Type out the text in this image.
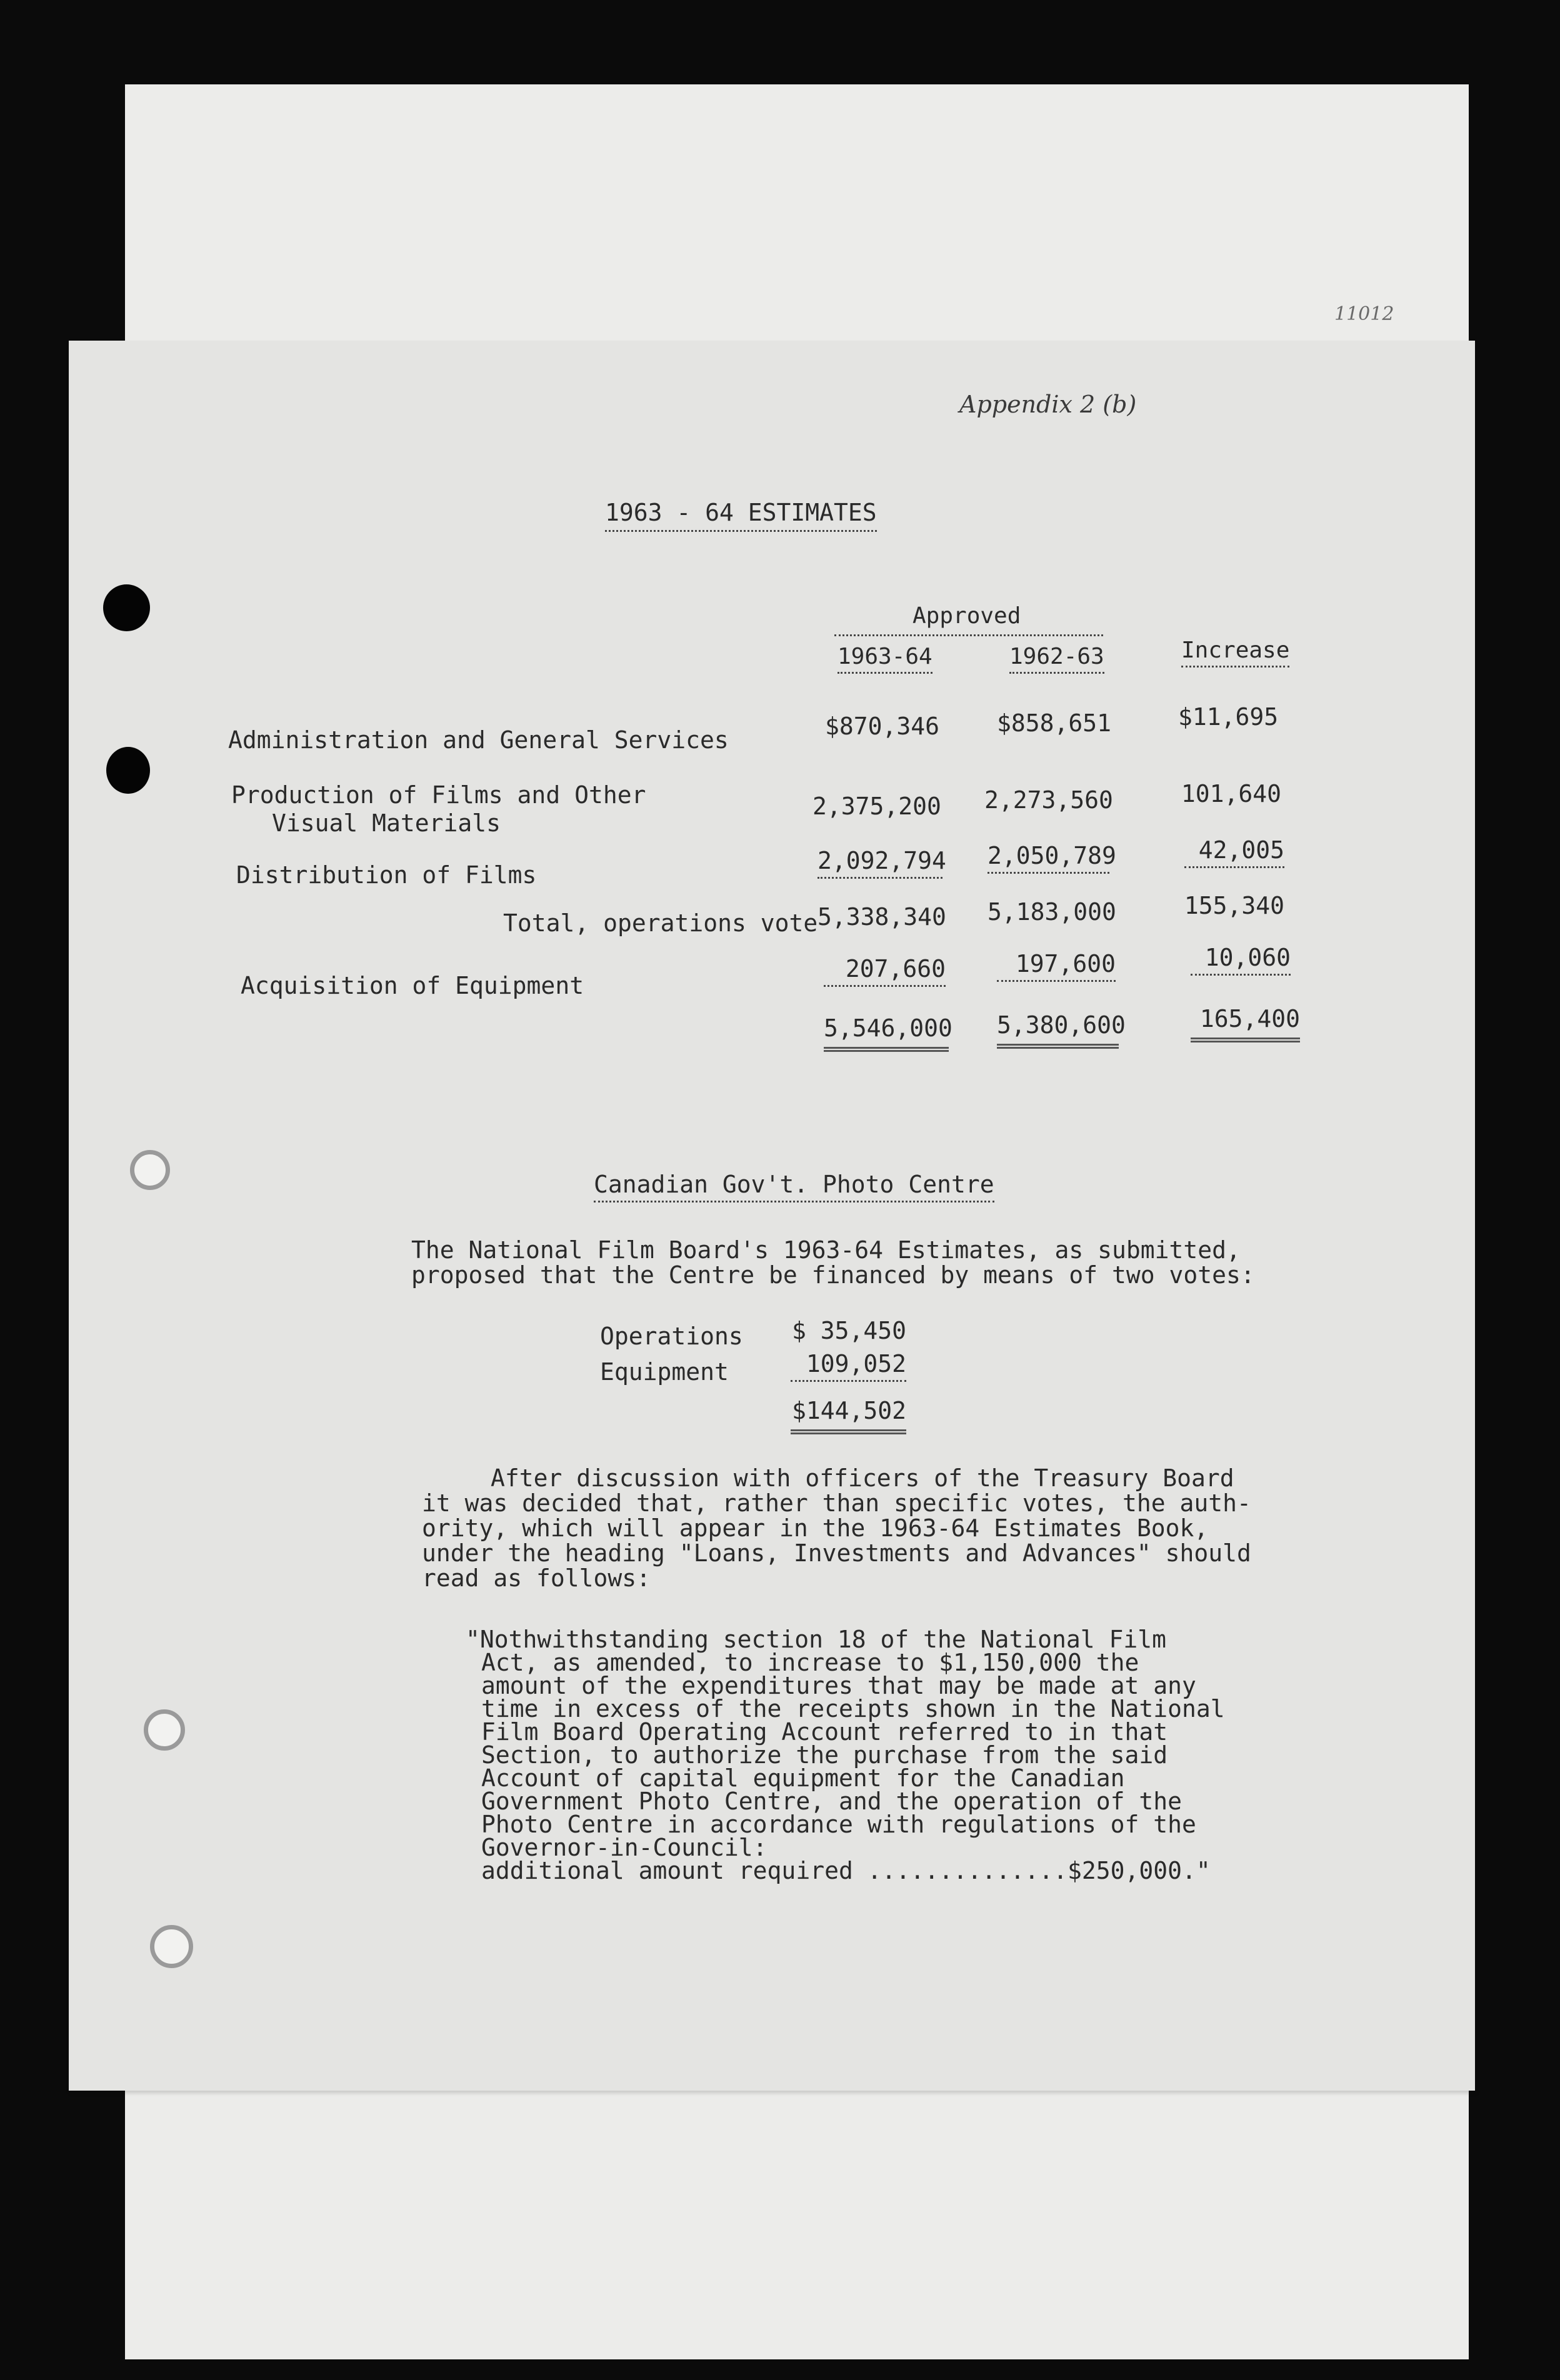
11012
Appendix 2 (b)
1963 - 64 ESTIMATES
Approved
1963-64	1962-63	Increase
Administration and General Services	$870,346 $858,651	$11,695
Production of Films and Other
Visual Materials
2,375,200 2,273,560	101,640
Distribution of Films
2,092,794 2,050,789	42,005
Total, operations vote 5,338,340 5,183,000	155,340
Acquisition of Equipment
207,660	197,600	10,060
5,546,000 5,380,600	165,400
Canadian Gov't. Photo Centre
The National Film Board's 1963-64 Estimates, as submitted,
proposed that the Centre be financed by means of two votes:
Operations $ 35,450
Equipment	109,052
$144,502
After discussion with officers of the Treasury Board
it was decided that, rather than specific votes, the auth-
ority, which will appear in the 1963-64 Estimates Book,
under the heading "Loans, Investments and Advances" should
read as follows:
"Nothwithstanding section 18 of the National Film
Act, as amended, to increase to $1,150,000 the
amount of the expenditures that may be made at any
time in excess of the receipts shown in the National
Film Board Operating Account referred to in that
Section, to authorize the purchase from the said
Account of capital equipment for the Canadian
Government Photo Centre, and the operation of the
Photo Centre in accordance with regulations of the
Governor-in-Council:
additional amount required ..............$250,000."
